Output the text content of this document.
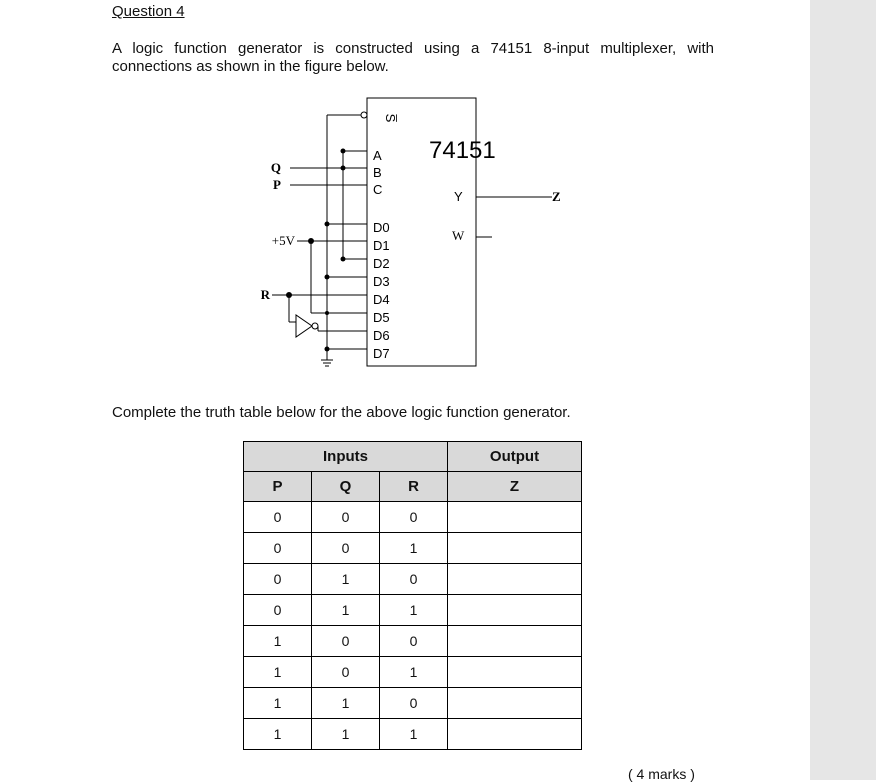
Question 4
A logic function generator is constructed using a 74151 8-input multiplexer, with connections as shown in the figure below.
74151
S̅
A
B
C
D0
D1
D2
D3
D4
D5
D6
D7
Y
W
Z
Q
P
+5V
R
Complete the truth table below for the above logic function generator.
Inputs			Output
P	Q	R	Z
0	0	0	
0	0	1	
0	1	0	
0	1	1	
1	0	0	
1	0	1	
1	1	0	
1	1	1	
( 4 marks )
